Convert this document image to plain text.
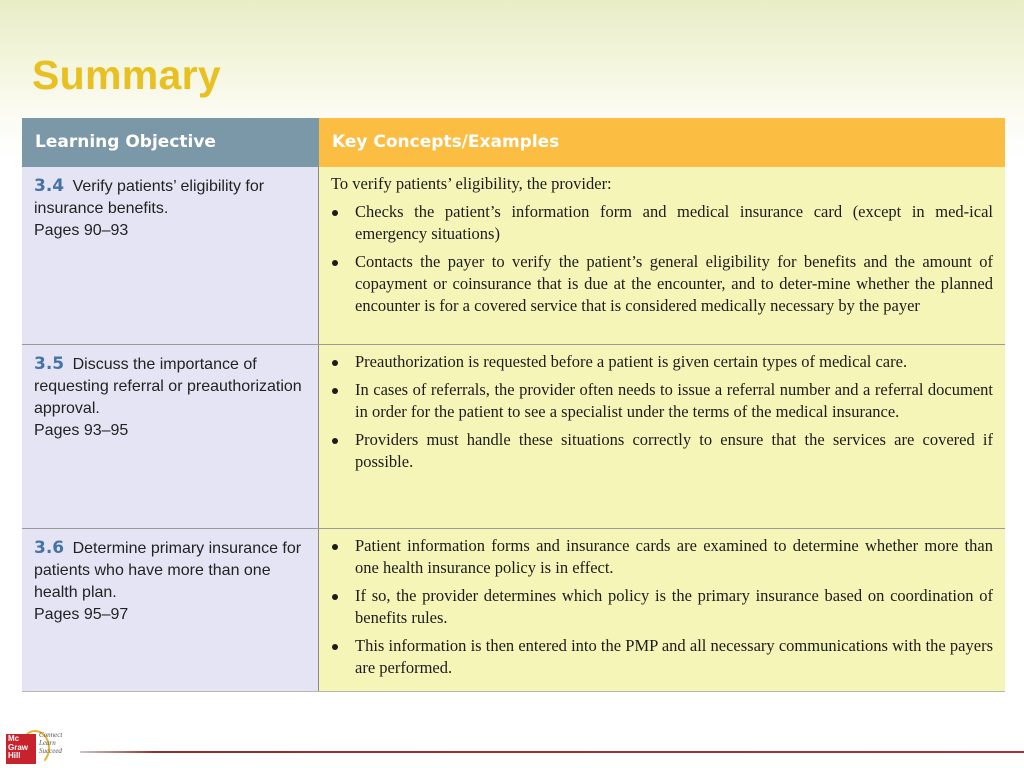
Summary
Learning Objective	Key Concepts/Examples
3.4 Verify patients’ eligibility for insurance benefits.
Pages 90–93
To verify patients’ eligibility, the provider:
Checks the patient’s information form and medical insurance card (except in med-ical emergency situations)
Contacts the payer to verify the patient’s general eligibility for benefits and the amount of copayment or coinsurance that is due at the encounter, and to deter-mine whether the planned encounter is for a covered service that is considered medically necessary by the payer
3.5 Discuss the importance of requesting referral or preauthorization approval.
Pages 93–95
Preauthorization is requested before a patient is given certain types of medical care.
In cases of referrals, the provider often needs to issue a referral number and a referral document in order for the patient to see a specialist under the terms of the medical insurance.
Providers must handle these situations correctly to ensure that the services are covered if possible.
3.6 Determine primary insurance for patients who have more than one health plan.
Pages 95–97
Patient information forms and insurance cards are examined to determine whether more than one health insurance policy is in effect.
If so, the provider determines which policy is the primary insurance based on coordination of benefits rules.
This information is then entered into the PMP and all necessary communications with the payers are performed.
Mc
Graw
Hill
Connect
Learn
Succeed
